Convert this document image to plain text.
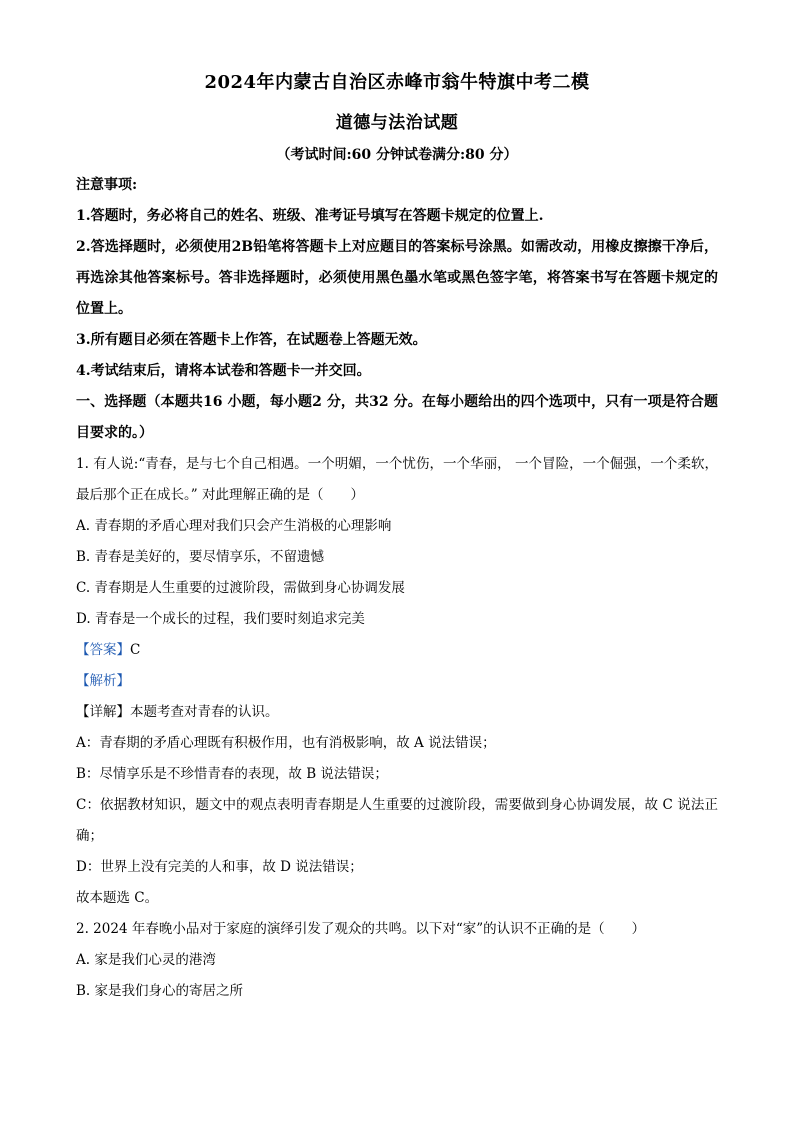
2024年内蒙古自治区赤峰市翁牛特旗中考二模
道德与法治试题
（考试时间:60 分钟试卷满分:80 分）
注意事项:
1.答题时，务必将自己的姓名、班级、准考证号填写在答题卡规定的位置上.
2.答选择题时，必须使用2B铅笔将答题卡上对应题目的答案标号涂黑。如需改动，用橡皮擦擦干净后，再选涂其他答案标号。答非选择题时，必须使用黑色墨水笔或黑色签字笔，将答案书写在答题卡规定的位置上。
3.所有题目必须在答题卡上作答，在试题卷上答题无效。
4.考试结束后，请将本试卷和答题卡一并交回。
一、选择题（本题共16 小题，每小题2 分，共32 分。在每小题给出的四个选项中，只有一项是符合题目要求的。）
1. 有人说:“青春，是与七个自己相遇。一个明媚，一个忧伤，一个华丽， 一个冒险，一个倔强，一个柔软，最后那个正在成长。” 对此理解正确的是（　　）
A. 青春期的矛盾心理对我们只会产生消极的心理影响
B. 青春是美好的，要尽情享乐，不留遗憾
C. 青春期是人生重要的过渡阶段，需做到身心协调发展
D. 青春是一个成长的过程，我们要时刻追求完美
【答案】C
【解析】
【详解】本题考查对青春的认识。
A：青春期的矛盾心理既有积极作用，也有消极影响，故 A 说法错误；
B：尽情享乐是不珍惜青春的表现，故 B 说法错误；
C：依据教材知识，题文中的观点表明青春期是人生重要的过渡阶段，需要做到身心协调发展，故 C 说法正确；
D：世界上没有完美的人和事，故 D 说法错误；
故本题选 C。
2. 2024 年春晚小品对于家庭的演绎引发了观众的共鸣。以下对“家”的认识不正确的是（　　）
A. 家是我们心灵的港湾
B. 家是我们身心的寄居之所
